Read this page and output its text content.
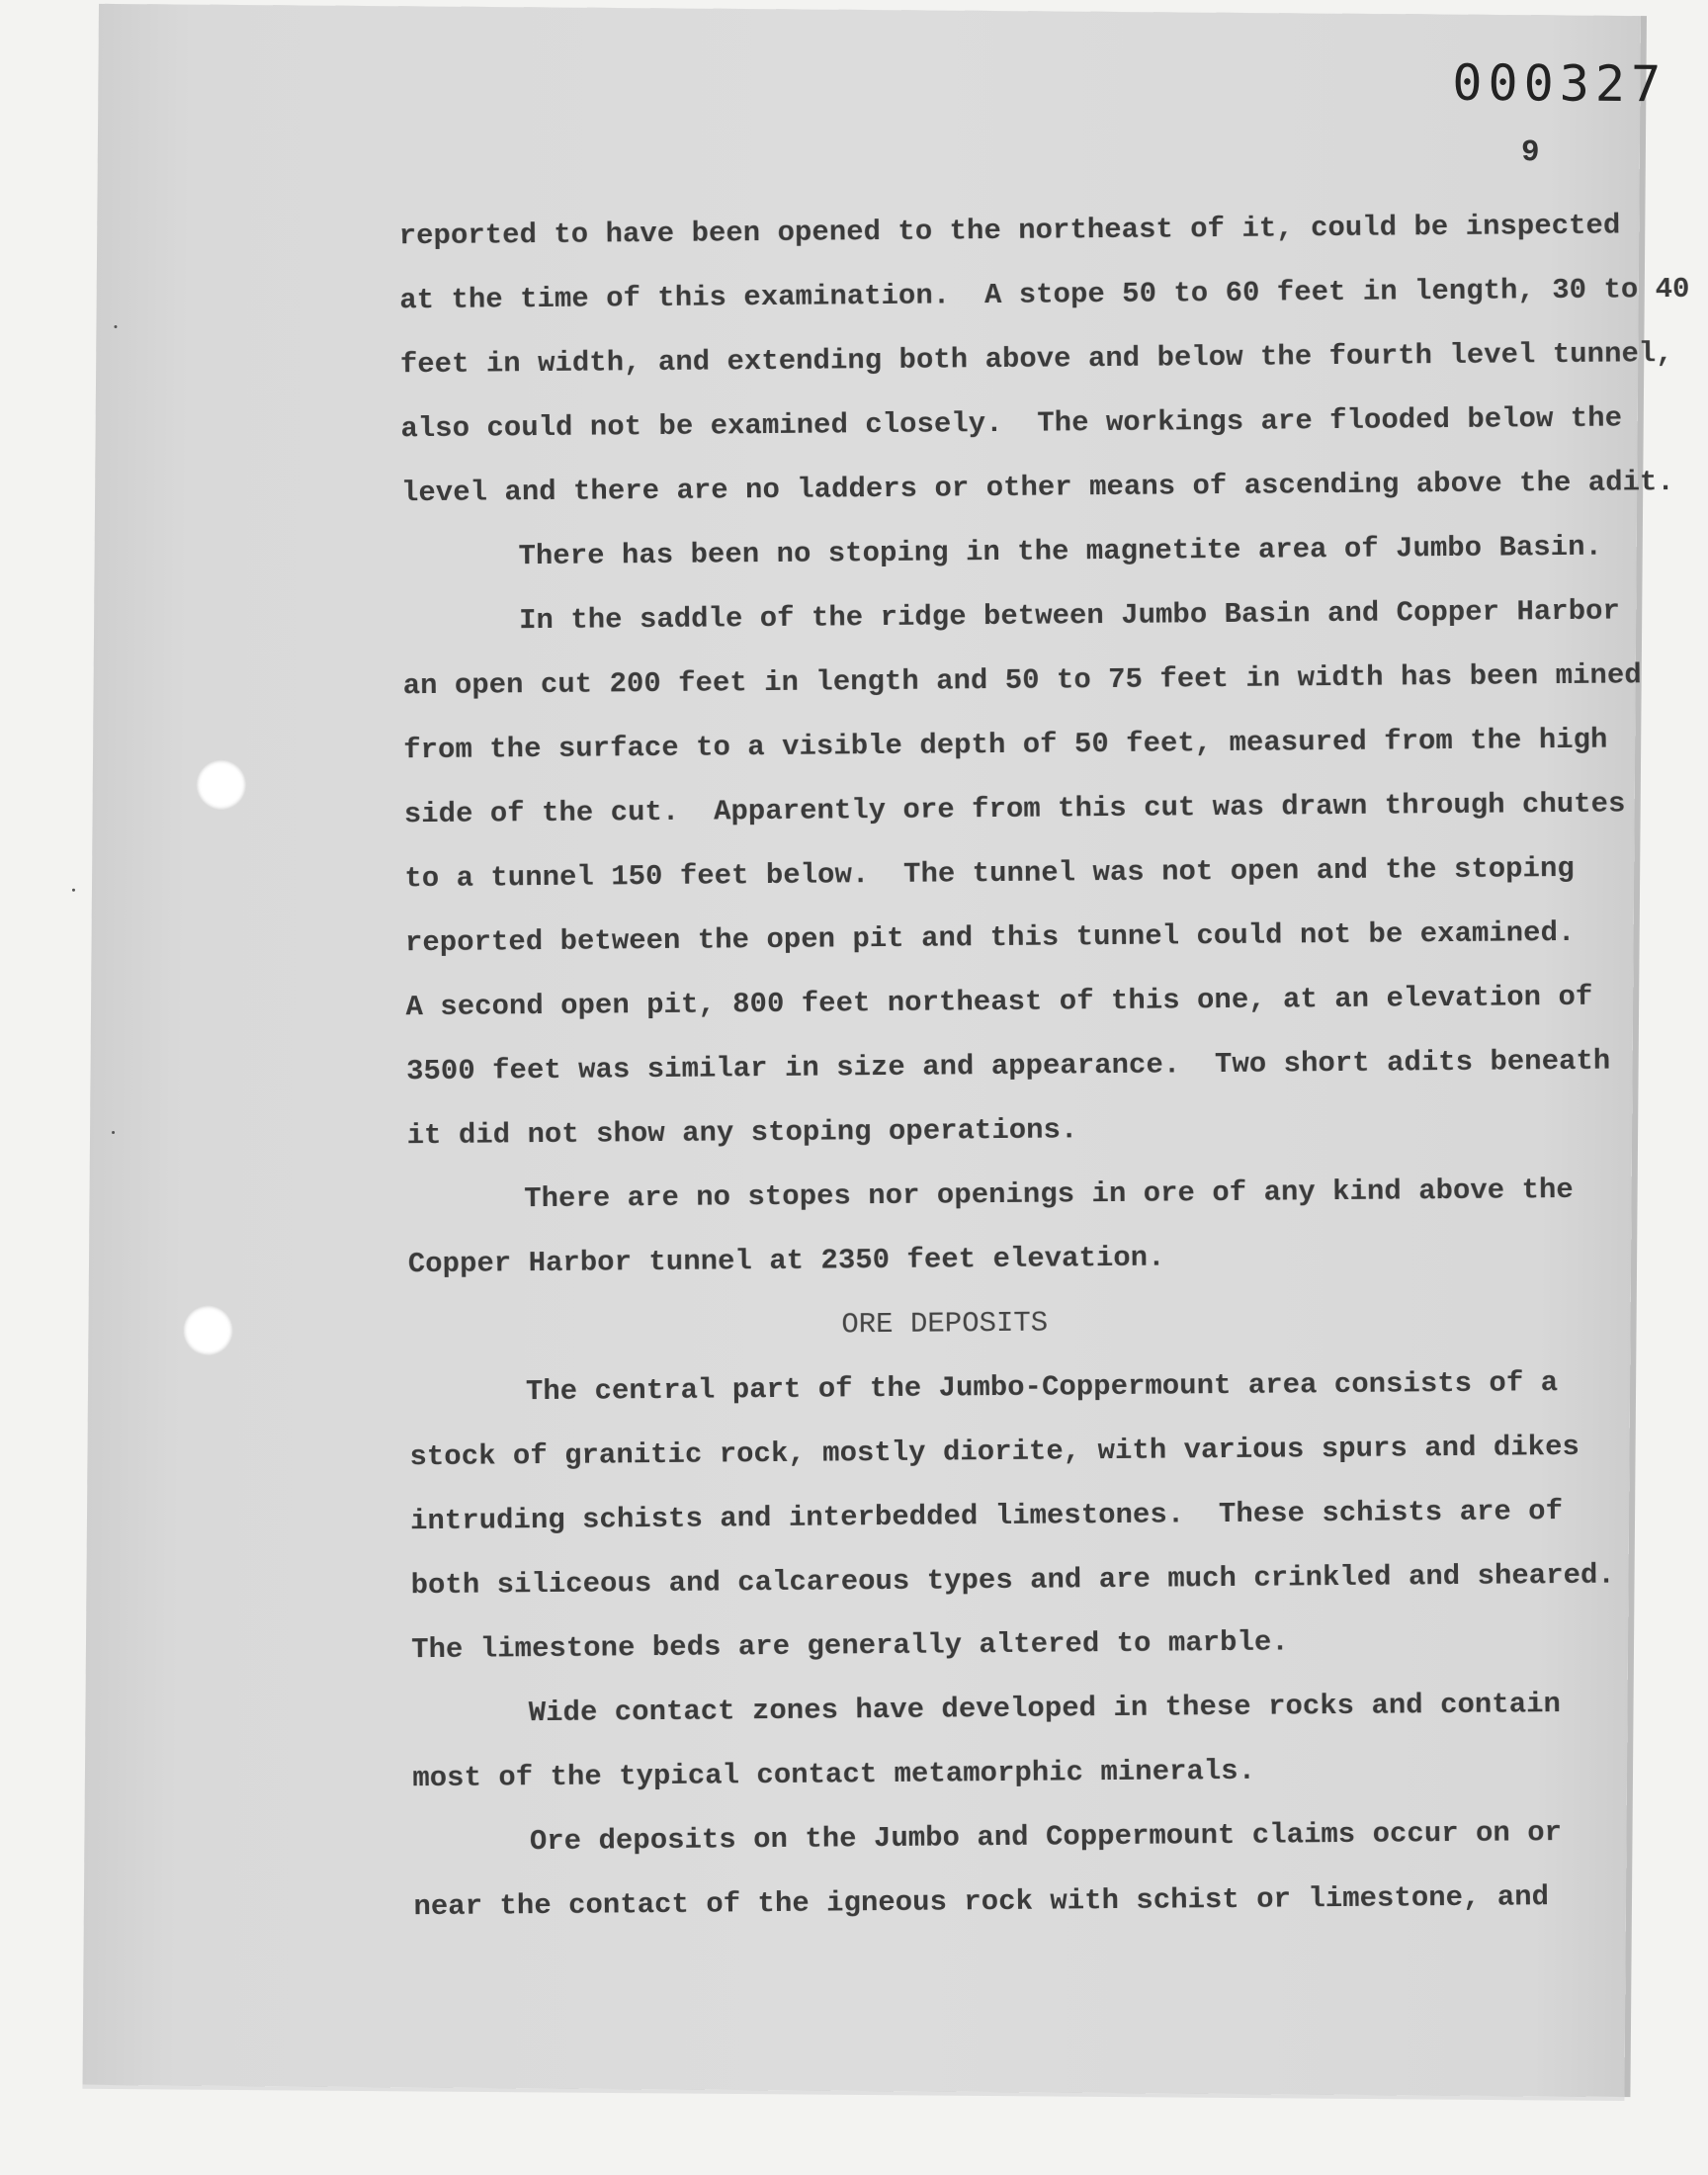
000327
9
reported to have been opened to the northeast of it, could be inspected
at the time of this examination.  A stope 50 to 60 feet in length, 30 to 40
feet in width, and extending both above and below the fourth level tunnel,
also could not be examined closely.  The workings are flooded below the
level and there are no ladders or other means of ascending above the adit.
There has been no stoping in the magnetite area of Jumbo Basin.
In the saddle of the ridge between Jumbo Basin and Copper Harbor
an open cut 200 feet in length and 50 to 75 feet in width has been mined
from the surface to a visible depth of 50 feet, measured from the high
side of the cut.  Apparently ore from this cut was drawn through chutes
to a tunnel 150 feet below.  The tunnel was not open and the stoping
reported between the open pit and this tunnel could not be examined.
A second open pit, 800 feet northeast of this one, at an elevation of
3500 feet was similar in size and appearance.  Two short adits beneath
it did not show any stoping operations.
There are no stopes nor openings in ore of any kind above the
Copper Harbor tunnel at 2350 feet elevation.
ORE DEPOSITS
The central part of the Jumbo-Coppermount area consists of a
stock of granitic rock, mostly diorite, with various spurs and dikes
intruding schists and interbedded limestones.  These schists are of
both siliceous and calcareous types and are much crinkled and sheared.
The limestone beds are generally altered to marble.
Wide contact zones have developed in these rocks and contain
most of the typical contact metamorphic minerals.
Ore deposits on the Jumbo and Coppermount claims occur on or
near the contact of the igneous rock with schist or limestone, and
